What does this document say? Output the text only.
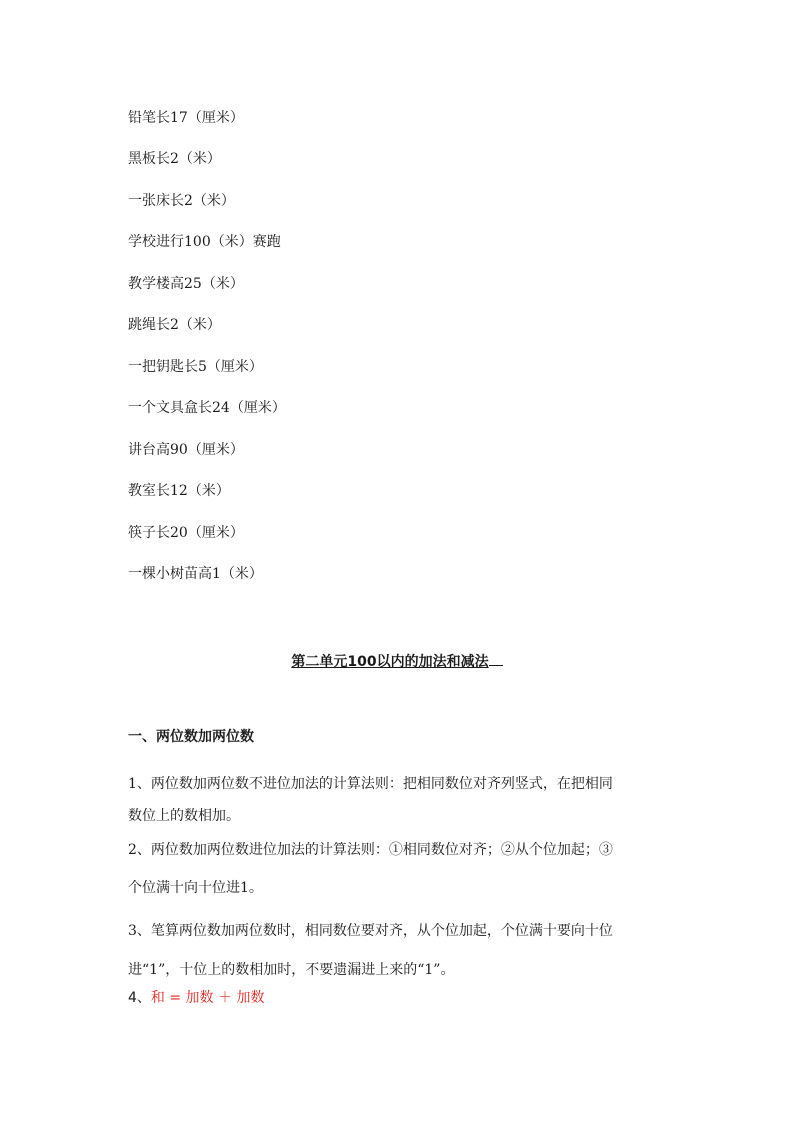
铅笔长17（厘米）

黑板长2（米）

一张床长2（米）

学校进行100（米）赛跑

教学楼高25（米）

跳绳长2（米）

一把钥匙长5（厘米）

一个文具盒长24（厘米）

讲台高90（厘米）

教室长12（米）

筷子长20（厘米）

一棵小树苗高1（米）

第二单元100以内的加法和减法
一、两位数加两位数

1、两位数加两位数不进位加法的计算法则：把相同数位对齐列竖式，在把相同

数位上的数相加。

2、两位数加两位数进位加法的计算法则：①相同数位对齐；②从个位加起；③

个位满十向十位进1。

3、笔算两位数加两位数时，相同数位要对齐，从个位加起，个位满十要向十位

进“1”，十位上的数相加时，不要遗漏进上来的“1”。

4、和 = 加数 ＋ 加数
